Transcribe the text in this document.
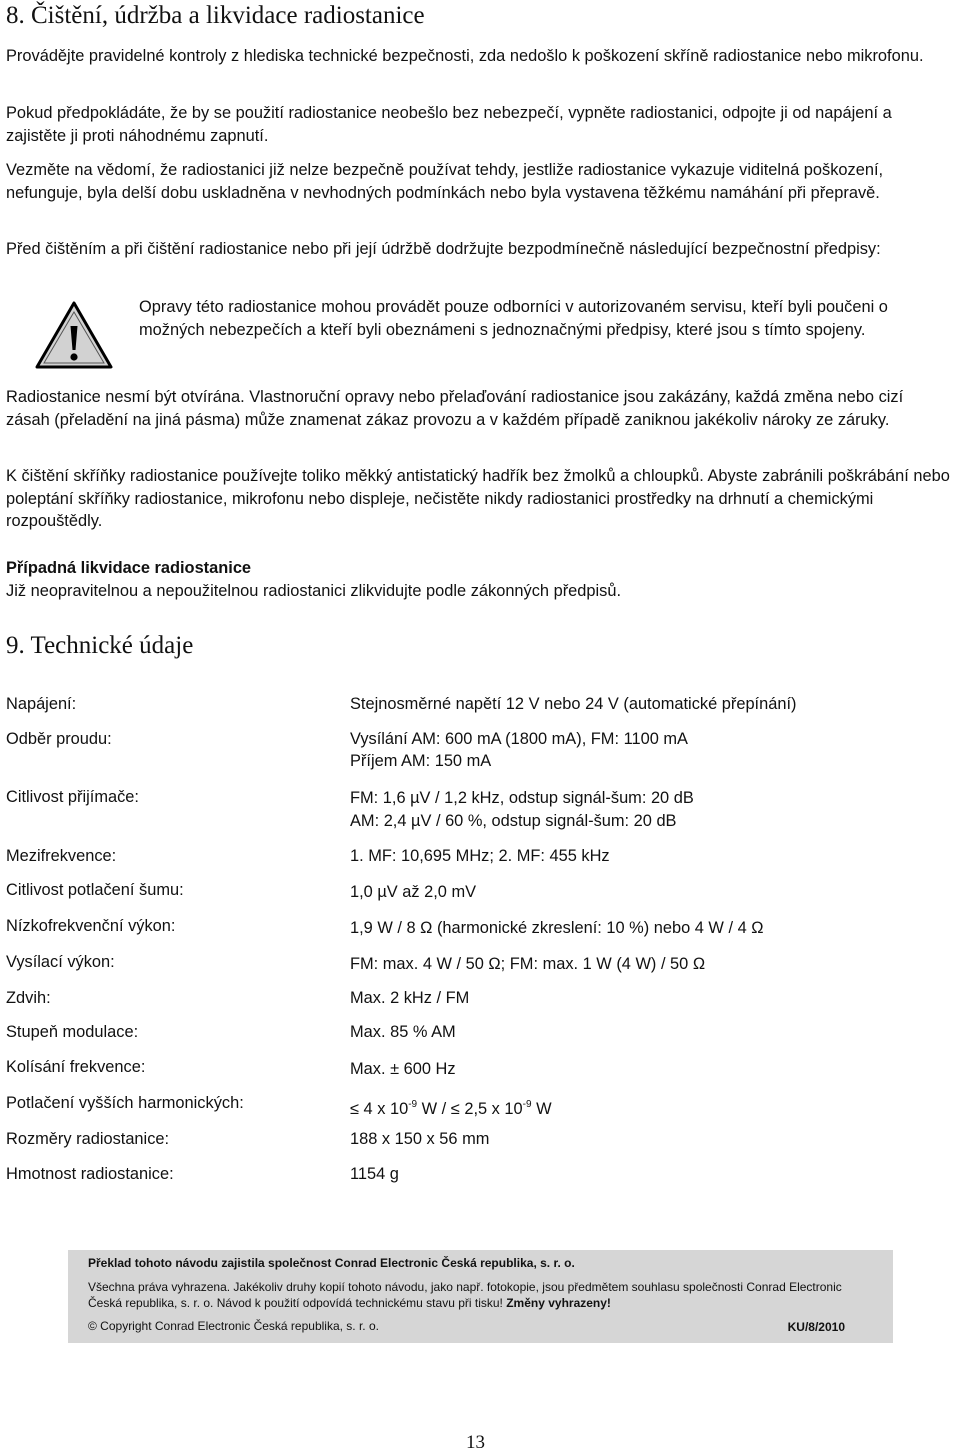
8. Čištění, údržba a likvidace radiostanice

Provádějte pravidelné kontroly z hlediska technické bezpečnosti, zda nedošlo k poškození skříně radiostanice nebo mikrofonu.

Pokud předpokládáte, že by se použití radiostanice neobešlo bez nebezpečí, vypněte radiostanici, odpojte ji od napájení a zajistěte ji proti náhodnému zapnutí.

Vezměte na vědomí, že radiostanici již nelze bezpečně používat tehdy, jestliže radiostanice vykazuje viditelná poškození, nefunguje, byla delší dobu uskladněna v nevhodných podmínkách nebo byla vystavena těžkému namáhání při přepravě.

Před čištěním a při čištění radiostanice nebo při její údržbě dodržujte bezpodmínečně následující bezpečnostní předpisy:

Opravy této radiostanice mohou provádět pouze odborníci v autorizovaném servisu, kteří byli poučeni o možných nebezpečích a kteří byli obeznámeni s jednoznačnými předpisy, které jsou s tímto spojeny.

Radiostanice nesmí být otvírána. Vlastnoruční opravy nebo přelaďování radiostanice jsou zakázány, každá změna nebo cizí zásah (přeladění na jiná pásma) může znamenat zákaz provozu a v každém případě zaniknou jakékoliv nároky ze záruky.

K čištění skříňky radiostanice používejte toliko měkký antistatický hadřík bez žmolků a chloupků. Abyste zabránili poškrábání nebo poleptání skříňky radiostanice, mikrofonu nebo displeje, nečistěte nikdy radiostanici prostředky na drhnutí a chemickými rozpouštědly.

Případná likvidace radiostanice

Již neopravitelnou a nepoužitelnou radiostanici zlikvidujte podle zákonných předpisů.

9. Technické údaje
Napájení:	Stejnosměrné napětí 12 V nebo 24 V (automatické přepínání)
Odběr proudu:	Vysílání AM: 600 mA (1800 mA), FM: 1100 mA
Příjem AM: 150 mA
Citlivost přijímače:	FM: 1,6 µV / 1,2 kHz, odstup signál-šum: 20 dB
AM: 2,4 µV / 60 %, odstup signál-šum: 20 dB
Mezifrekvence:	1. MF: 10,695 MHz; 2. MF: 455 kHz
Citlivost potlačení šumu:	1,0 µV až 2,0 mV
Nízkofrekvenční výkon:	1,9 W / 8 Ω (harmonické zkreslení: 10 %) nebo 4 W / 4 Ω
Vysílací výkon:	FM: max. 4 W / 50 Ω; FM: max. 1 W (4 W) / 50 Ω
Zdvih:	Max. 2 kHz / FM
Stupeň modulace:	Max. 85 % AM
Kolísání frekvence:	Max. ± 600 Hz
Potlačení vyšších harmonických:	≤ 4 x $10^{-9}$ W / ≤ 2,5 x $10^{-9}$ W
Rozměry radiostanice:	188 x 150 x 56 mm
Hmotnost radiostanice:	1154 g
Překlad tohoto návodu zajistila společnost Conrad Electronic Česká republika, s. r. o.
Všechna práva vyhrazena. Jakékoliv druhy kopií tohoto návodu, jako např. fotokopie, jsou předmětem souhlasu společnosti Conrad Electronic Česká republika, s. r. o. Návod k použití odpovídá technickému stavu při tisku! Změny vyhrazeny!
© Copyright Conrad Electronic Česká republika, s. r. o.	KU/8/2010
13
